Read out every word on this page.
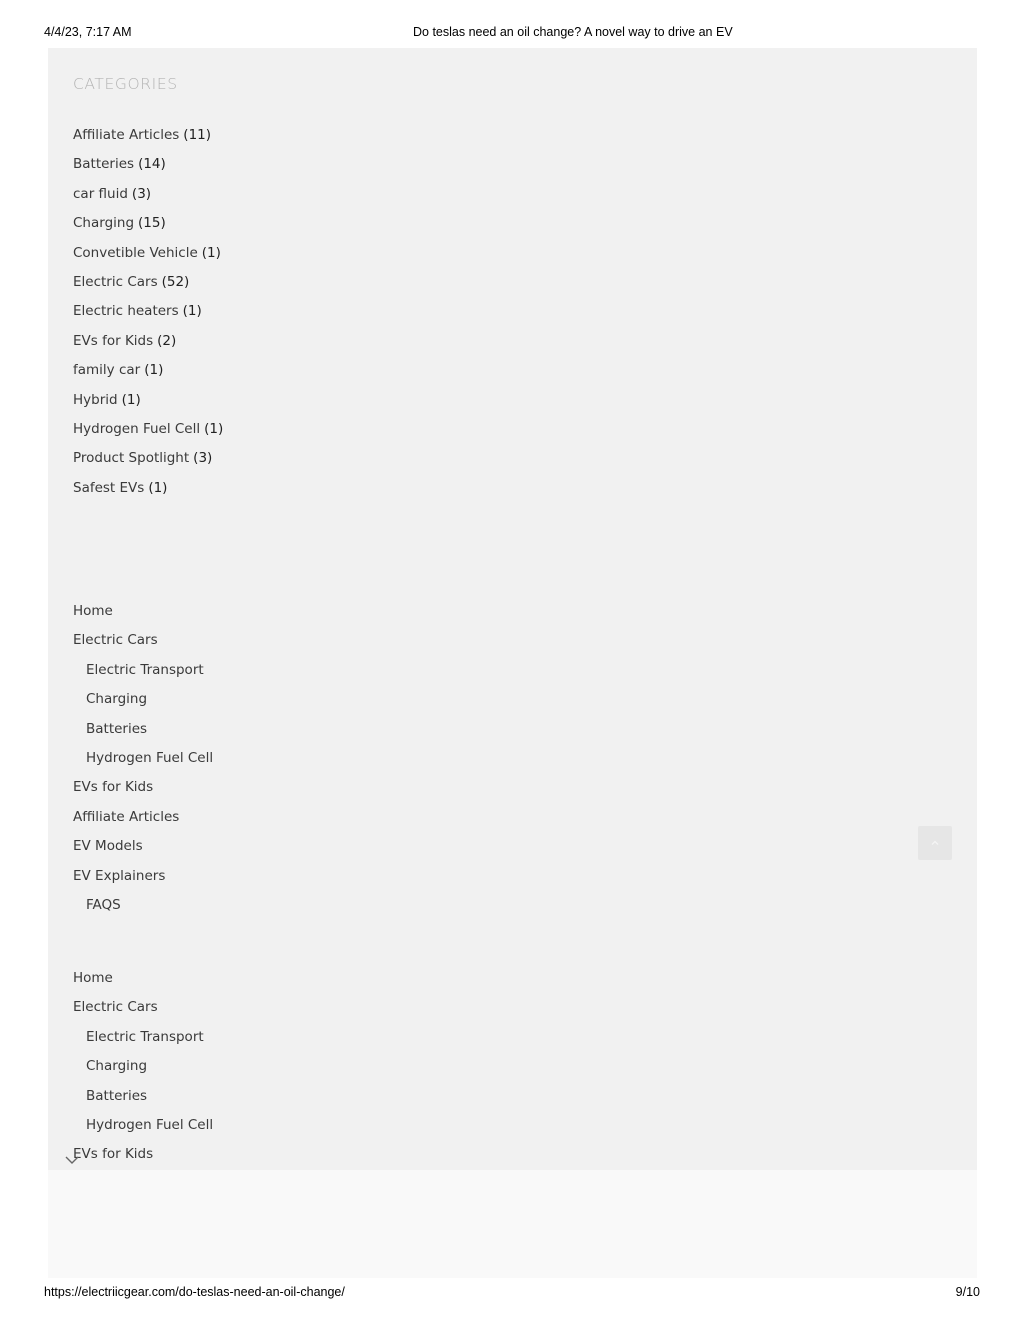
4/4/23, 7:17 AM	Do teslas need an oil change? A novel way to drive an EV
CATEGORIES
Affiliate Articles (11)
Batteries (14)
car fluid (3)
Charging (15)
Convetible Vehicle (1)
Electric Cars (52)
Electric heaters (1)
EVs for Kids (2)
family car (1)
Hybrid (1)
Hydrogen Fuel Cell (1)
Product Spotlight (3)
Safest EVs (1)
Home
Electric Cars
Electric Transport
Charging
Batteries
Hydrogen Fuel Cell
EVs for Kids
Affiliate Articles
EV Models
EV Explainers
FAQS
Home
Electric Cars
Electric Transport
Charging
Batteries
Hydrogen Fuel Cell
EVs for Kids
https://electriicgear.com/do-teslas-need-an-oil-change/	9/10
